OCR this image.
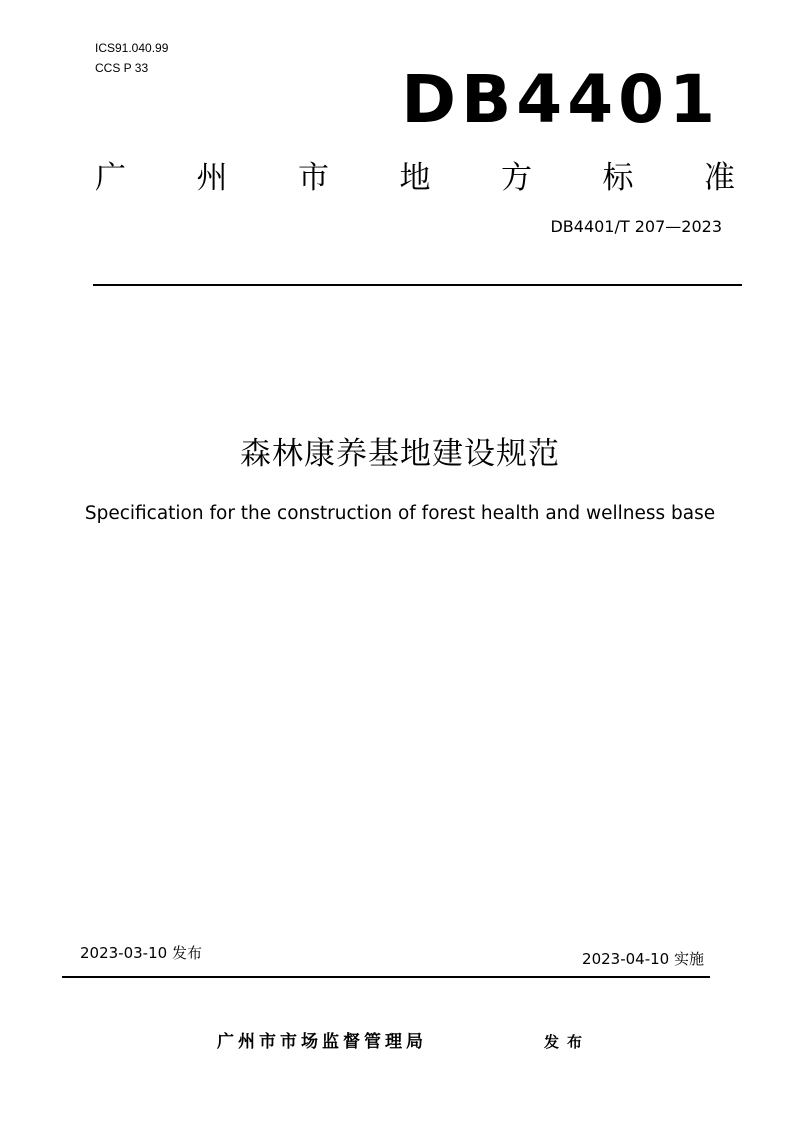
ICS91.040.99
CCS P 33	DB4401
广 州 市 地 方 标 准
DB4401/T 207—2023
森林康养基地建设规范
Specification for the construction of forest health and wellness base
2023-03-10 发布	2023-04-10 实施
广州市市场监督管理局	发布
